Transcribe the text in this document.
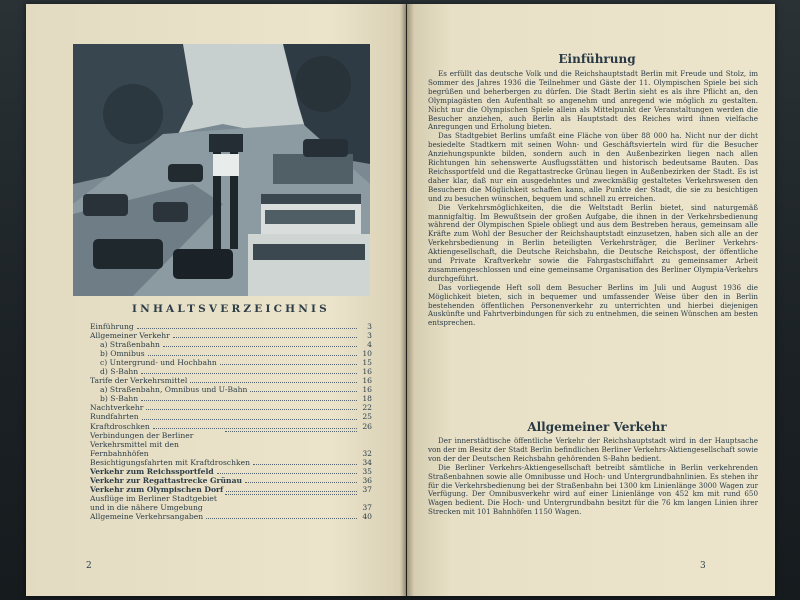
INHALTSVERZEICHNIS
Einführung	3
Allgemeiner Verkehr	3
a) Straßenbahn	4
b) Omnibus	10
c) Untergrund- und Hochbahn	15
d) S-Bahn	16
Tarife der Verkehrsmittel	16
a) Straßenbahn, Omnibus und U-Bahn	16
b) S-Bahn	18
Nachtverkehr	22
Rundfahrten	25
Kraftdroschken	26
Verbindungen der Berliner Verkehrsmittel mit den Fernbahnhöfen	32
Besichtigungsfahrten mit Kraftdroschken	34
Verkehr zum Reichssportfeld	35
Verkehr zur Regattastrecke Grünau	36
Verkehr zum Olympischen Dorf	37
Ausflüge im Berliner Stadtgebiet und in die nähere Umgebung	37
Allgemeine Verkehrsangaben	40
2
Einführung

Es erfüllt das deutsche Volk und die Reichshauptstadt Berlin mit Freude und Stolz, im Sommer des Jahres 1936 die Teilnehmer und Gäste der 11. Olympischen Spiele bei sich begrüßen und beherbergen zu dürfen. Die Stadt Berlin sieht es als ihre Pflicht an, den Olympiagästen den Aufenthalt so angenehm und anregend wie möglich zu gestalten. Nicht nur die Olympischen Spiele allein als Mittelpunkt der Veranstaltungen werden die Besucher anziehen, auch Berlin als Hauptstadt des Reiches wird ihnen vielfache Anregungen und Erholung bieten.

Das Stadtgebiet Berlins umfaßt eine Fläche von über 88 000 ha. Nicht nur der dicht besiedelte Stadtkern mit seinen Wohn- und Geschäftsvierteln wird für die Besucher Anziehungspunkte bilden, sondern auch in den Außenbezirken liegen nach allen Richtungen hin sehenswerte Ausflugsstätten und historisch bedeutsame Bauten. Das Reichssportfeld und die Regattastrecke Grünau liegen in Außenbezirken der Stadt. Es ist daher klar, daß nur ein ausgedehntes und zweckmäßig gestaltetes Verkehrswesen den Besuchern die Möglichkeit schaffen kann, alle Punkte der Stadt, die sie zu besichtigen und zu besuchen wünschen, bequem und schnell zu erreichen.

Die Verkehrsmöglichkeiten, die die Weltstadt Berlin bietet, sind naturgemäß mannigfaltig. Im Bewußtsein der großen Aufgabe, die ihnen in der Verkehrsbedienung während der Olympischen Spiele obliegt und aus dem Bestreben heraus, gemeinsam alle Kräfte zum Wohl der Besucher der Reichshauptstadt einzusetzen, haben sich alle an der Verkehrsbedienung in Berlin beteiligten Verkehrsträger, die Berliner Verkehrs-Aktiengesellschaft, die Deutsche Reichsbahn, die Deutsche Reichspost, der öffentliche und Private Kraftverkehr sowie die Fahrgastschiffahrt zu gemeinsamer Arbeit zusammengeschlossen und eine gemeinsame Organisation des Berliner Olympia-Verkehrs durchgeführt.

Das vorliegende Heft soll dem Besucher Berlins im Juli und August 1936 die Möglichkeit bieten, sich in bequemer und umfassender Weise über den in Berlin bestehenden öffentlichen Personenverkehr zu unterrichten und hierbei diejenigen Auskünfte und Fahrtverbindungen für sich zu entnehmen, die seinen Wünschen am besten entsprechen.

Allgemeiner Verkehr

Der innerstädtische öffentliche Verkehr der Reichshauptstadt wird in der Hauptsache von der im Besitz der Stadt Berlin befindlichen Berliner Verkehrs-Aktiengesellschaft sowie von der der Deutschen Reichsbahn gehörenden S-Bahn bedient.

Die Berliner Verkehrs-Aktiengesellschaft betreibt sämtliche in Berlin verkehrenden Straßenbahnen sowie alle Omnibusse und Hoch- und Untergrundbahnlinien. Es stehen ihr für die Verkehrsbedienung bei der Straßenbahn bei 1300 km Linienlänge 3000 Wagen zur Verfügung. Der Omnibusverkehr wird auf einer Linienlänge von 452 km mit rund 650 Wagen bedient. Die Hoch- und Untergrundbahn besitzt für die 76 km langen Linien ihrer Strecken mit 101 Bahnhöfen 1150 Wagen.

3
